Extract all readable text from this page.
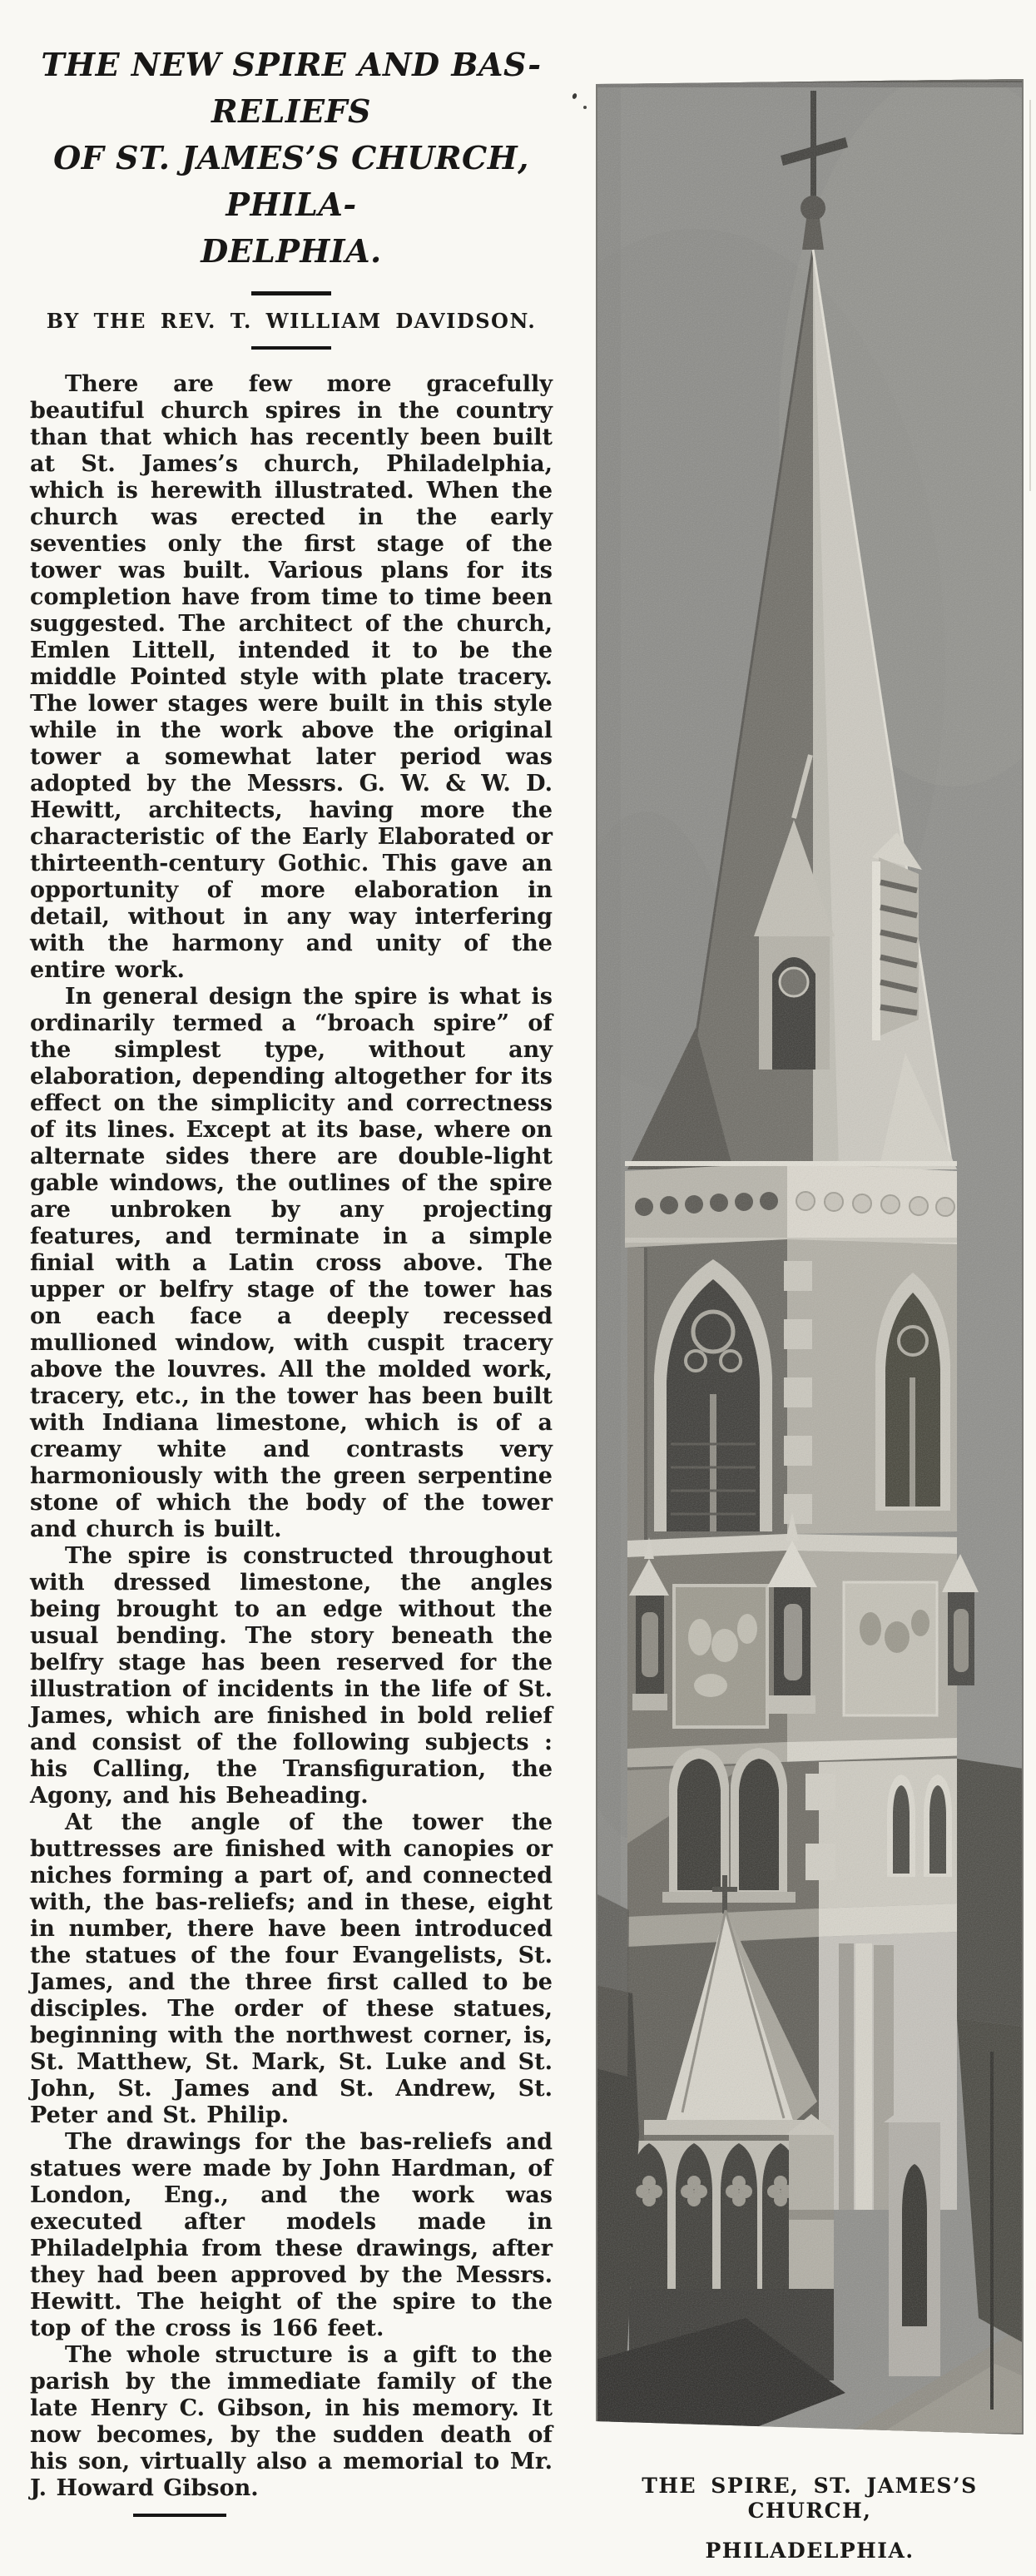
THE NEW SPIRE AND BAS-RELIEFS
OF ST. JAMES’S CHURCH, PHILA-
DELPHIA.
BY THE REV. T. WILLIAM DAVIDSON.

There are few more gracefully beautiful church spires in the country than that which has recently been built at St. James’s church, Philadelphia, which is herewith illustrated. When the church was erected in the early seventies only the first stage of the tower was built. Various plans for its completion have from time to time been suggested. The architect of the church, Emlen Littell, intended it to be the middle Pointed style with plate tracery. The lower stages were built in this style while in the work above the original tower a somewhat later period was adopted by the Messrs. G. W. & W. D. Hewitt, architects, having more the characteristic of the Early Elaborated or thirteenth-century Gothic. This gave an opportunity of more elaboration in detail, without in any way interfering with the harmony and unity of the entire work.

In general design the spire is what is ordinarily termed a “broach spire” of the simplest type, without any elaboration, depending altogether for its effect on the simplicity and correctness of its lines. Except at its base, where on alternate sides there are double-light gable windows, the outlines of the spire are unbroken by any projecting features, and terminate in a simple finial with a Latin cross above. The upper or belfry stage of the tower has on each face a deeply recessed mullioned window, with cuspit tracery above the louvres. All the molded work, tracery, etc., in the tower has been built with Indiana limestone, which is of a creamy white and contrasts very harmoniously with the green serpentine stone of which the body of the tower and church is built.

The spire is constructed throughout with dressed limestone, the angles being brought to an edge without the usual bending. The story beneath the belfry stage has been reserved for the illustration of incidents in the life of St. James, which are finished in bold relief and consist of the following subjects : his Calling, the Transfiguration, the Agony, and his Beheading.

At the angle of the tower the buttresses are finished with canopies or niches forming a part of, and connected with, the bas-reliefs; and in these, eight in number, there have been introduced the statues of the four Evangelists, St. James, and the three first called to be disciples. The order of these statues, beginning with the northwest corner, is, St. Matthew, St. Mark, St. Luke and St. John, St. James and St. Andrew, St. Peter and St. Philip.

The drawings for the bas-reliefs and statues were made by John Hardman, of London, Eng., and the work was executed after models made in Philadelphia from these drawings, after they had been approved by the Messrs. Hewitt. The height of the spire to the top of the cross is 166 feet.

The whole structure is a gift to the parish by the immediate family of the late Henry C. Gibson, in his memory. It now becomes, by the sudden death of his son, virtually also a memorial to Mr. J. Howard Gibson.	THE SPIRE, ST. JAMES’S CHURCH,
PHILADELPHIA.
